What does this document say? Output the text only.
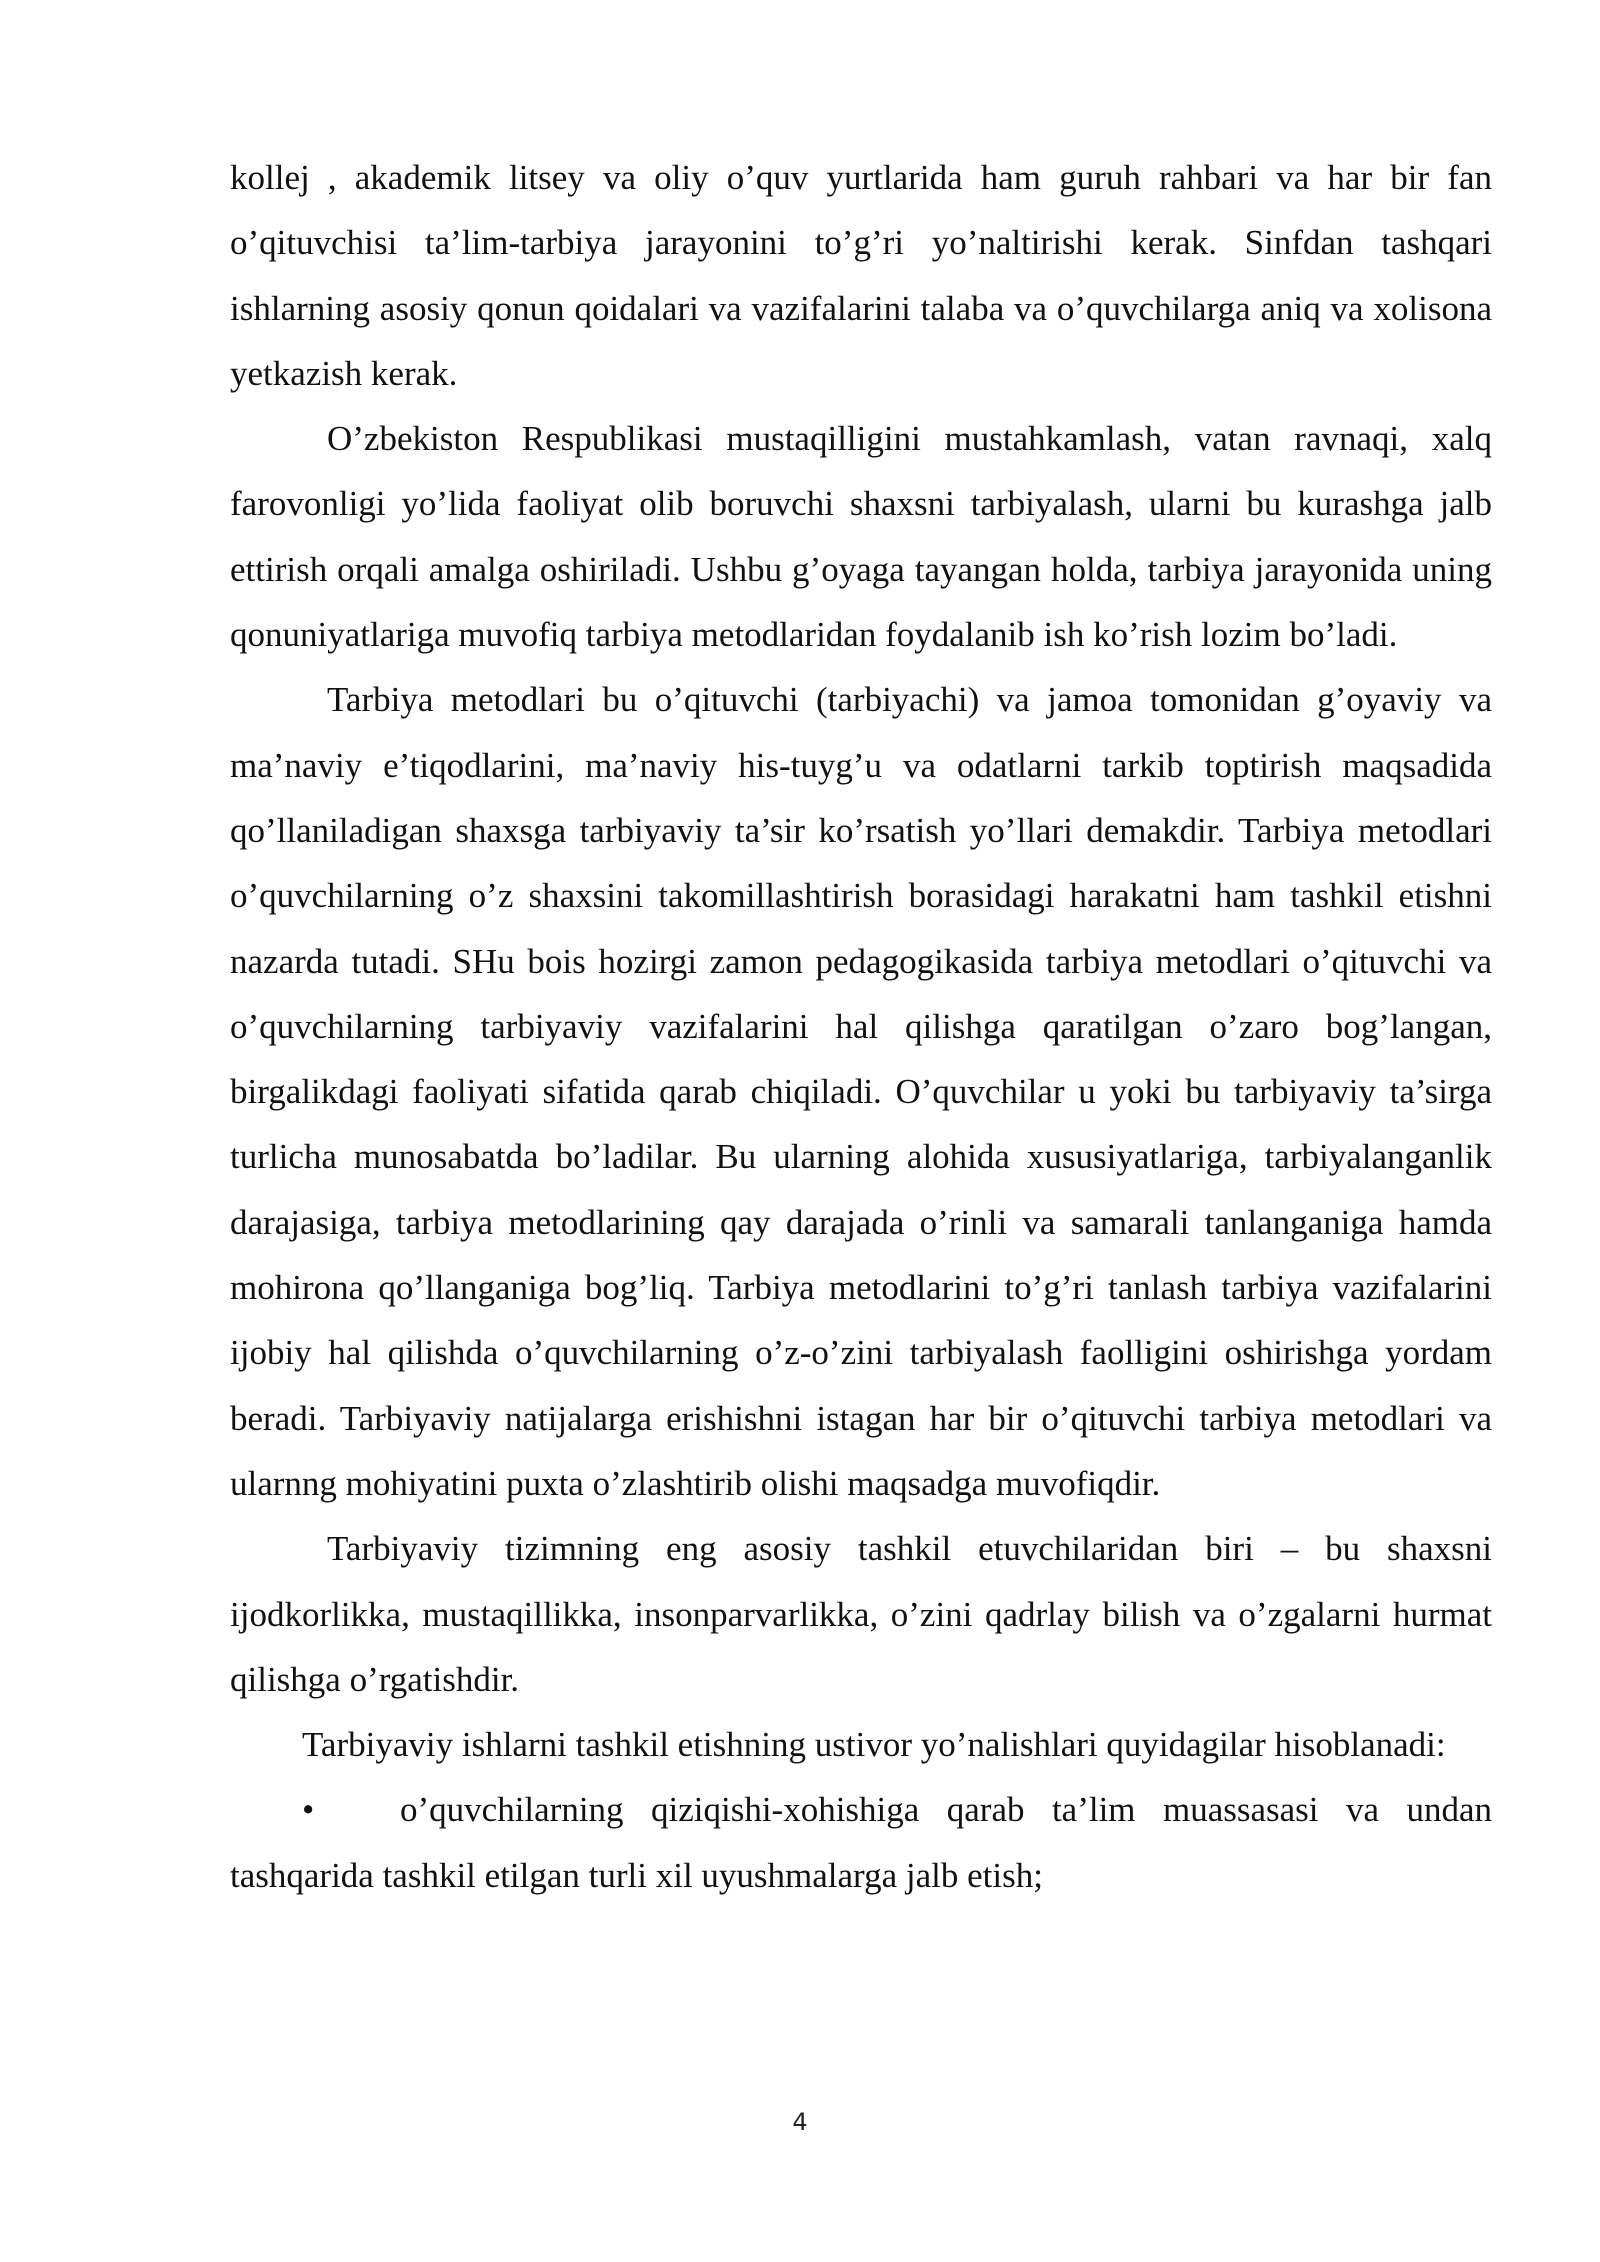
kollej , akademik litsey va oliy o’quv yurtlarida ham guruh rahbari va har bir fan o’qituvchisi ta’lim-tarbiya jarayonini to’g’ri yo’naltirishi kerak. Sinfdan tashqari ishlarning asosiy qonun qoidalari va vazifalarini talaba va o’quvchilarga aniq va xolisona yetkazish kerak.

O’zbekiston Respublikasi mustaqilligini mustahkamlash, vatan ravnaqi, xalq farovonligi yo’lida faoliyat olib boruvchi shaxsni tarbiyalash, ularni bu kurashga jalb ettirish orqali amalga oshiriladi. Ushbu g’oyaga tayangan holda, tarbiya jarayonida uning qonuniyatlariga muvofiq tarbiya metodlaridan foydalanib ish ko’rish lozim bo’ladi.

Tarbiya metodlari bu o’qituvchi (tarbiyachi) va jamoa tomonidan g’oyaviy va ma’naviy e’tiqodlarini, ma’naviy his-tuyg’u va odatlarni tarkib toptirish maqsadida qo’llaniladigan shaxsga tarbiyaviy ta’sir ko’rsatish yo’llari demakdir. Tarbiya metodlari o’quvchilarning o’z shaxsini takomillashtirish borasidagi harakatni ham tashkil etishni nazarda tutadi. SHu bois hozirgi zamon pedagogikasida tarbiya metodlari o’qituvchi va o’quvchilarning tarbiyaviy vazifalarini hal qilishga qaratilgan o’zaro bog’langan, birgalikdagi faoliyati sifatida qarab chiqiladi. O’quvchilar u yoki bu tarbiyaviy ta’sirga turlicha munosabatda bo’ladilar. Bu ularning alohida xususiyatlariga, tarbiyalanganlik darajasiga, tarbiya metodlarining qay darajada o’rinli va samarali tanlanganiga hamda mohirona qo’llanganiga bog’liq. Tarbiya metodlarini to’g’ri tanlash tarbiya vazifalarini ijobiy hal qilishda o’quvchilarning o’z-o’zini tarbiyalash faolligini oshirishga yordam beradi. Tarbiyaviy natijalarga erishishni istagan har bir o’qituvchi tarbiya metodlari va ularnng mohiyatini puxta o’zlashtirib olishi maqsadga muvofiqdir.

Tarbiyaviy tizimning eng asosiy tashkil etuvchilaridan biri – bu shaxsni ijodkorlikka, mustaqillikka, insonparvarlikka, o’zini qadrlay bilish va o’zgalarni hurmat qilishga o’rgatishdir.

Tarbiyaviy ishlarni tashkil etishning ustivor yo’nalishlari quyidagilar hisoblanadi:

• o’quvchilarning qiziqishi-xohishiga qarab ta’lim muassasasi va undan tashqarida tashkil etilgan turli xil uyushmalarga jalb etish;

4
